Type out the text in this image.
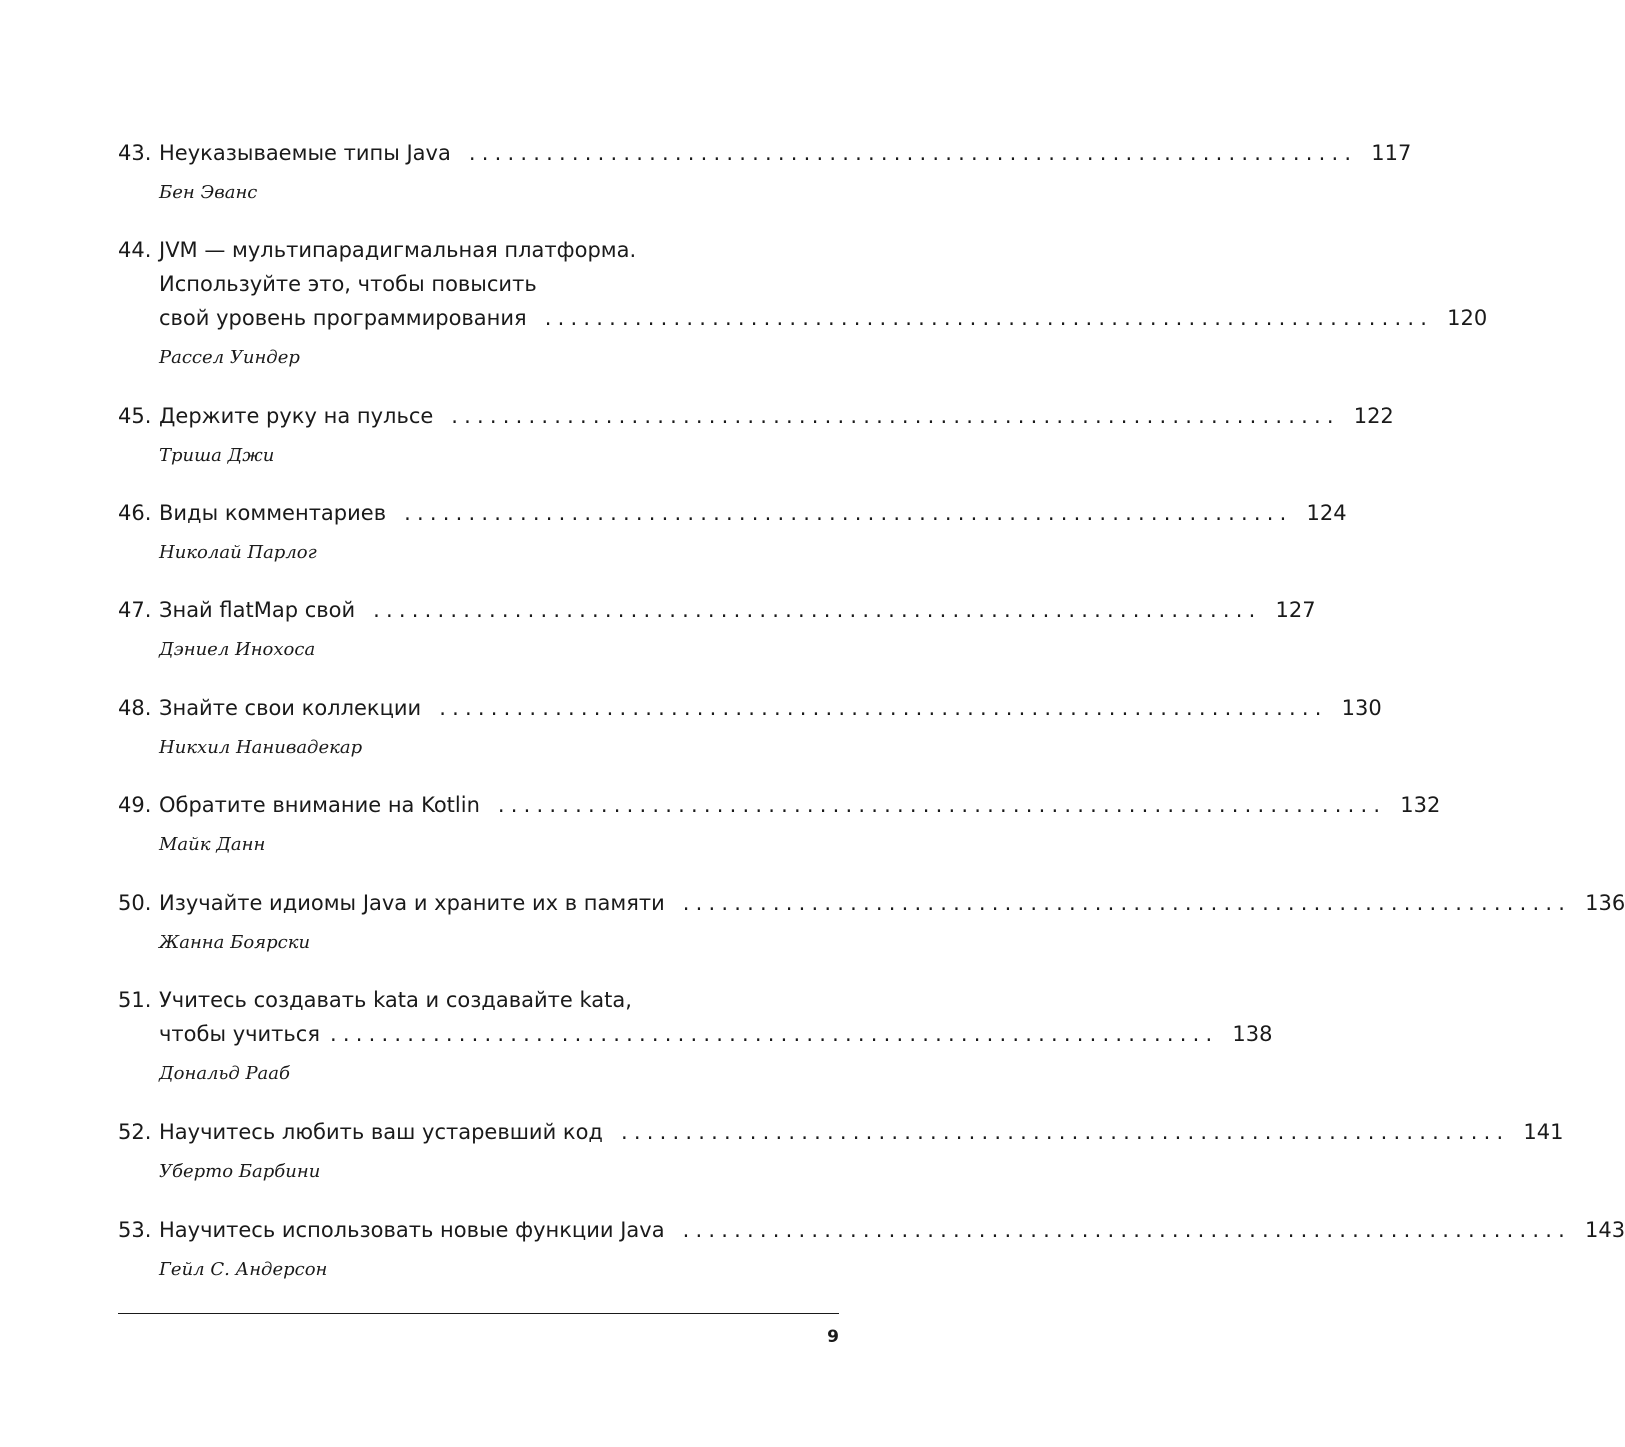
43. Неуказываемые типы Java ..................................................................... 117
Бен Эванс
44. JVM — мультипарадигмальная платформа.
Используйте это, чтобы повысить
свой уровень программирования ..................................................................... 120
Рассел Уиндер
45. Держите руку на пульсе ..................................................................... 122
Триша Джи
46. Виды комментариев ..................................................................... 124
Николай Парлог
47. Знай flatMap свой ..................................................................... 127
Дэниел Инохоса
48. Знайте свои коллекции ..................................................................... 130
Никхил Нанивадекар
49. Обратите внимание на Kotlin ..................................................................... 132
Майк Данн
50. Изучайте идиомы Java и храните их в памяти ..................................................................... 136
Жанна Боярски
51. Учитесь создавать kata и создавайте kata,
чтобы учиться ..................................................................... 138
Дональд Рааб
52. Научитесь любить ваш устаревший код ..................................................................... 141
Уберто Барбини
53. Научитесь использовать новые функции Java ..................................................................... 143
Гейл С. Андерсон
9
